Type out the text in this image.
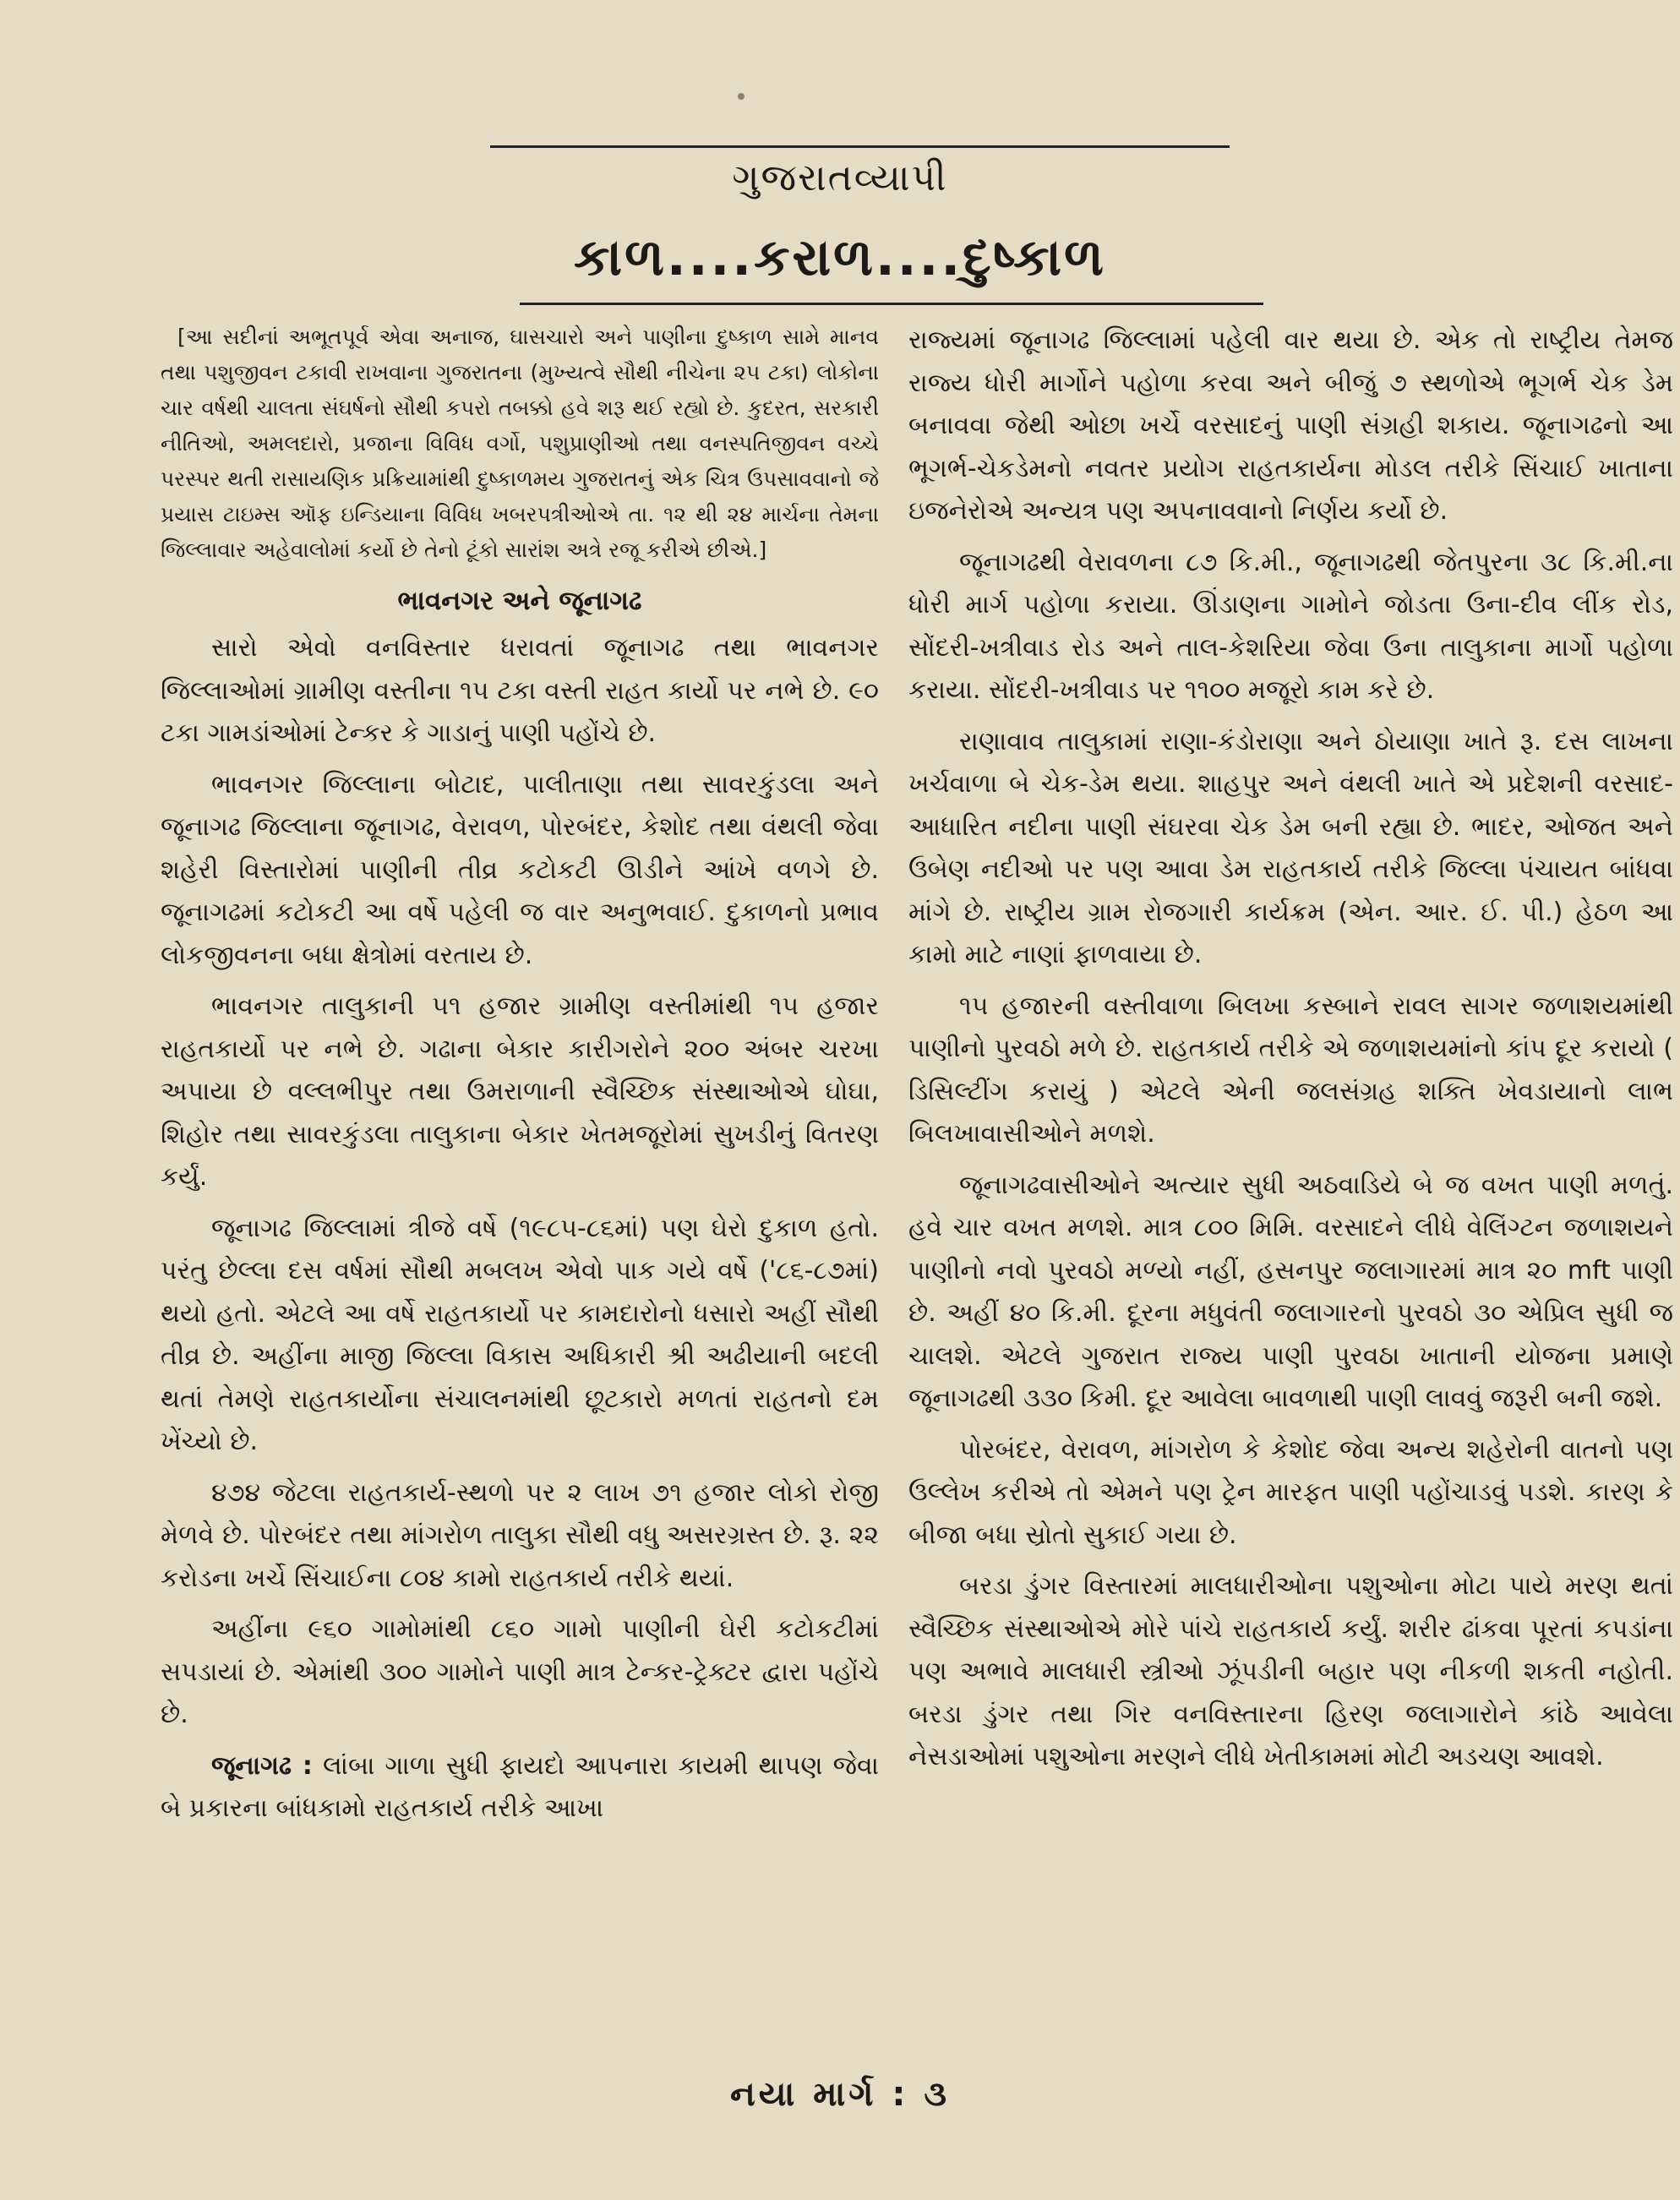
ગુજરાતવ્યાપી
કાળ....કરાળ....દુષ્કાળ

[આ સદીનાં અભૂતપૂર્વ એવા અનાજ, ઘાસચારો અને પાણીના દુષ્કાળ સામે માનવ તથા પશુજીવન ટકાવી રાખવાના ગુજરાતના (મુખ્યત્વે સૌથી નીચેના ૨૫ ટકા) લોકોના ચાર વર્ષથી ચાલતા સંઘર્ષનો સૌથી કપરો તબક્કો હવે શરૂ થઈ રહ્યો છે. કુદરત, સરકારી નીતિઓ, અમલદારો, પ્રજાના વિવિધ વર્ગો, પશુપ્રાણીઓ તથા વનસ્પતિજીવન વચ્ચે પરસ્પર થતી રાસાયણિક પ્રક્રિયામાંથી દુષ્કાળમય ગુજરાતનું એક ચિત્ર ઉપસાવવાનો જે પ્રયાસ ટાઇમ્સ ઑફ ઇન્ડિયાના વિવિધ ખબરપત્રીઓએ તા. ૧૨ થી ૨૪ માર્ચના તેમના જિલ્લાવાર અહેવાલોમાં કર્યો છે તેનો ટૂંકો સારાંશ અત્રે રજૂ કરીએ છીએ.]

ભાવનગર અને જૂનાગઢ

સારો એવો વનવિસ્તાર ધરાવતાં જૂનાગઢ તથા ભાવનગર જિલ્લાઓમાં ગ્રામીણ વસ્તીના ૧૫ ટકા વસ્તી રાહત કાર્યો પર નભે છે. ૯૦ ટકા ગામડાંઓમાં ટેન્કર કે ગાડાનું પાણી પહોંચે છે.

ભાવનગર જિલ્લાના બોટાદ, પાલીતાણા તથા સાવરકુંડલા અને જૂનાગઢ જિલ્લાના જૂનાગઢ, વેરાવળ, પોરબંદર, કેશોદ તથા વંથલી જેવા શહેરી વિસ્તારોમાં પાણીની તીવ્ર કટોકટી ઊડીને આંખે વળગે છે. જૂનાગઢમાં કટોકટી આ વર્ષે પહેલી જ વાર અનુભવાઈ. દુકાળનો પ્રભાવ લોકજીવનના બધા ક્ષેત્રોમાં વરતાય છે.

ભાવનગર તાલુકાની ૫૧ હજાર ગ્રામીણ વસ્તીમાંથી ૧૫ હજાર રાહતકાર્યો પર નભે છે. ગઢાના બેકાર કારીગરોને ૨૦૦ અંબર ચરખા અપાયા છે વલ્લભીપુર તથા ઉમરાળાની સ્વૈચ્છિક સંસ્થાઓએ ઘોઘા, શિહોર તથા સાવરકુંડલા તાલુકાના બેકાર ખેતમજૂરોમાં સુખડીનું વિતરણ કર્યું.

જૂનાગઢ જિલ્લામાં ત્રીજે વર્ષે (૧૯૮૫-૮૬માં) પણ ઘેરો દુકાળ હતો. પરંતુ છેલ્લા દસ વર્ષમાં સૌથી મબલખ એવો પાક ગયે વર્ષે ('૮૬-૮૭માં) થયો હતો. એટલે આ વર્ષે રાહતકાર્યો પર કામદારોનો ધસારો અહીં સૌથી તીવ્ર છે. અહીંના માજી જિલ્લા વિકાસ અધિકારી શ્રી અઢીયાની બદલી થતાં તેમણે રાહતકાર્યોના સંચાલનમાંથી છૂટકારો મળતાં રાહતનો દમ ખેંચ્યો છે.

૪૭૪ જેટલા રાહતકાર્ય-સ્થળો પર ૨ લાખ ૭૧ હજાર લોકો રોજી મેળવે છે. પોરબંદર તથા માંગરોળ તાલુકા સૌથી વધુ અસરગ્રસ્ત છે. રૂ. ૨૨ કરોડના ખર્ચે સિંચાઈના ૮૦૪ કામો રાહતકાર્ય તરીકે થયાં.

અહીંના ૯૬૦ ગામોમાંથી ૮૬૦ ગામો પાણીની ઘેરી કટોકટીમાં સપડાયાં છે. એમાંથી ૩૦૦ ગામોને પાણી માત્ર ટેન્કર-ટ્રેક્ટર દ્વારા પહોંચે છે.

જૂનાગઢ : લાંબા ગાળા સુધી ફાયદો આપનારા કાયમી થાપણ જેવા બે પ્રકારના બાંધકામો રાહતકાર્ય તરીકે આખા

રાજ્યમાં જૂનાગઢ જિલ્લામાં પહેલી વાર થયા છે. એક તો રાષ્ટ્રીય તેમજ રાજ્ય ધોરી માર્ગોને પહોળા કરવા અને બીજું ૭ સ્થળોએ ભૂગર્ભ ચેક ડેમ બનાવવા જેથી ઓછા ખર્ચે વરસાદનું પાણી સંગ્રહી શકાય. જૂનાગઢનો આ ભૂગર્ભ-ચેકડેમનો નવતર પ્રયોગ રાહતકાર્યના મોડલ તરીકે સિંચાઈ ખાતાના ઇજનેરોએ અન્યત્ર પણ અપનાવવાનો નિર્ણય કર્યો છે.

જૂનાગઢથી વેરાવળના ૮૭ કિ.મી., જૂનાગઢથી જેતપુરના ૩૮ કિ.મી.ના ધોરી માર્ગ પહોળા કરાયા. ઊંડાણના ગામોને જોડતા ઉના-દીવ લીંક રોડ, સોંદરી-ખત્રીવાડ રોડ અને તાલ-કેશરિયા જેવા ઉના તાલુકાના માર્ગો પહોળા કરાયા. સોંદરી-ખત્રીવાડ પર ૧૧૦૦ મજૂરો કામ કરે છે.

રાણાવાવ તાલુકામાં રાણા-કંડોરાણા અને ઠોયાણા ખાતે રૂ. દસ લાખના ખર્ચવાળા બે ચેક-ડેમ થયા. શાહપુર અને વંથલી ખાતે એ પ્રદેશની વરસાદ-આધારિત નદીના પાણી સંઘરવા ચેક ડેમ બની રહ્યા છે. ભાદર, ઓજત અને ઉબેણ નદીઓ પર પણ આવા ડેમ રાહતકાર્ય તરીકે જિલ્લા પંચાયત બાંધવા માંગે છે. રાષ્ટ્રીય ગ્રામ રોજગારી કાર્યક્રમ (એન. આર. ઈ. પી.) હેઠળ આ કામો માટે નાણાં ફાળવાયા છે.

૧૫ હજારની વસ્તીવાળા બિલખા કસ્બાને રાવલ સાગર જળાશયમાંથી પાણીનો પુરવઠો મળે છે. રાહતકાર્ય તરીકે એ જળાશયમાંનો કાંપ દૂર કરાયો ( ડિસિલ્ટીંગ કરાયું ) એટલે એની જલસંગ્રહ શક્તિ ખેવડાયાનો લાભ બિલખાવાસીઓને મળશે.

જૂનાગઢવાસીઓને અત્યાર સુધી અઠવાડિયે બે જ વખત પાણી મળતું. હવે ચાર વખત મળશે. માત્ર ૮૦૦ મિમિ. વરસાદને લીધે વેલિંગ્ટન જળાશયને પાણીનો નવો પુરવઠો મળ્યો નહીં, હસનપુર જલાગારમાં માત્ર ૨૦ mft પાણી છે. અહીં ૪૦ કિ.મી. દૂરના મધુવંતી જલાગારનો પુરવઠો ૩૦ એપ્રિલ સુધી જ ચાલશે. એટલે ગુજરાત રાજ્ય પાણી પુરવઠા ખાતાની યોજના પ્રમાણે જૂનાગઢથી ૩૩૦ કિમી. દૂર આવેલા બાવળાથી પાણી લાવવું જરૂરી બની જશે.

પોરબંદર, વેરાવળ, માંગરોળ કે કેશોદ જેવા અન્ય શહેરોની વાતનો પણ ઉલ્લેખ કરીએ તો એમને પણ ટ્રેન મારફત પાણી પહોંચાડવું પડશે. કારણ કે બીજા બધા સ્રોતો સુકાઈ ગયા છે.

બરડા ડુંગર વિસ્તારમાં માલધારીઓના પશુઓના મોટા પાયે મરણ થતાં સ્વૈચ્છિક સંસ્થાઓએ મોરે પાંચે રાહતકાર્ય કર્યું. શરીર ઢાંકવા પૂરતાં કપડાંના પણ અભાવે માલધારી સ્ત્રીઓ ઝૂંપડીની બહાર પણ નીકળી શકતી નહોતી. બરડા ડુંગર તથા ગિર વનવિસ્તારના હિરણ જલાગારોને કાંઠે આવેલા નેસડાઓમાં પશુઓના મરણને લીધે ખેતીકામમાં મોટી અડચણ આવશે.

નયા માર્ગ : ૩
